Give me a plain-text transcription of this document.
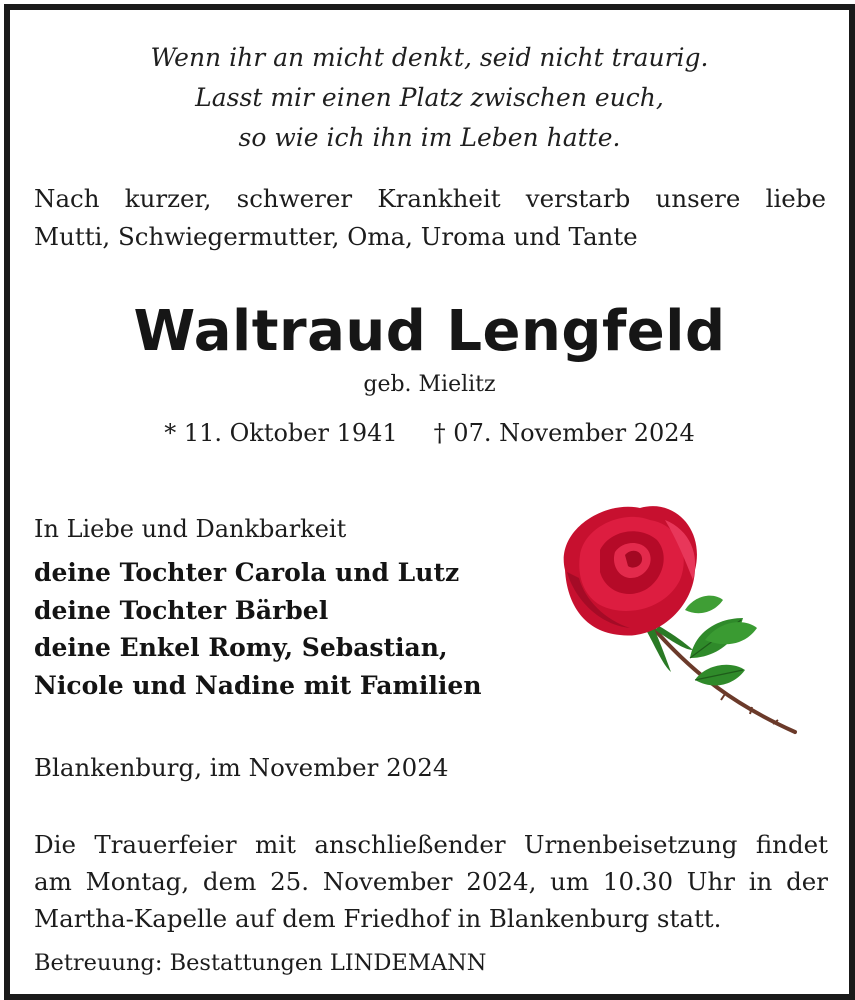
Wenn ihr an micht denkt, seid nicht traurig.
Lasst mir einen Platz zwischen euch,
so wie ich ihn im Leben hatte.
Nach kurzer, schwerer Krankheit verstarb unsere liebe
Mutti, Schwiegermutter, Oma, Uroma und Tante
Waltraud Lengfeld
geb. Mielitz
* 11. Oktober 1941 † 07. November 2024
In Liebe und Dankbarkeit
deine Tochter Carola und Lutz
deine Tochter Bärbel
deine Enkel Romy, Sebastian,
Nicole und Nadine mit Familien
Blankenburg, im November 2024
Die Trauerfeier mit anschließender Urnenbeisetzung findet
am Montag, dem 25. November 2024, um 10.30 Uhr in der
Martha-Kapelle auf dem Friedhof in Blankenburg statt.
Betreuung: Bestattungen LINDEMANN
